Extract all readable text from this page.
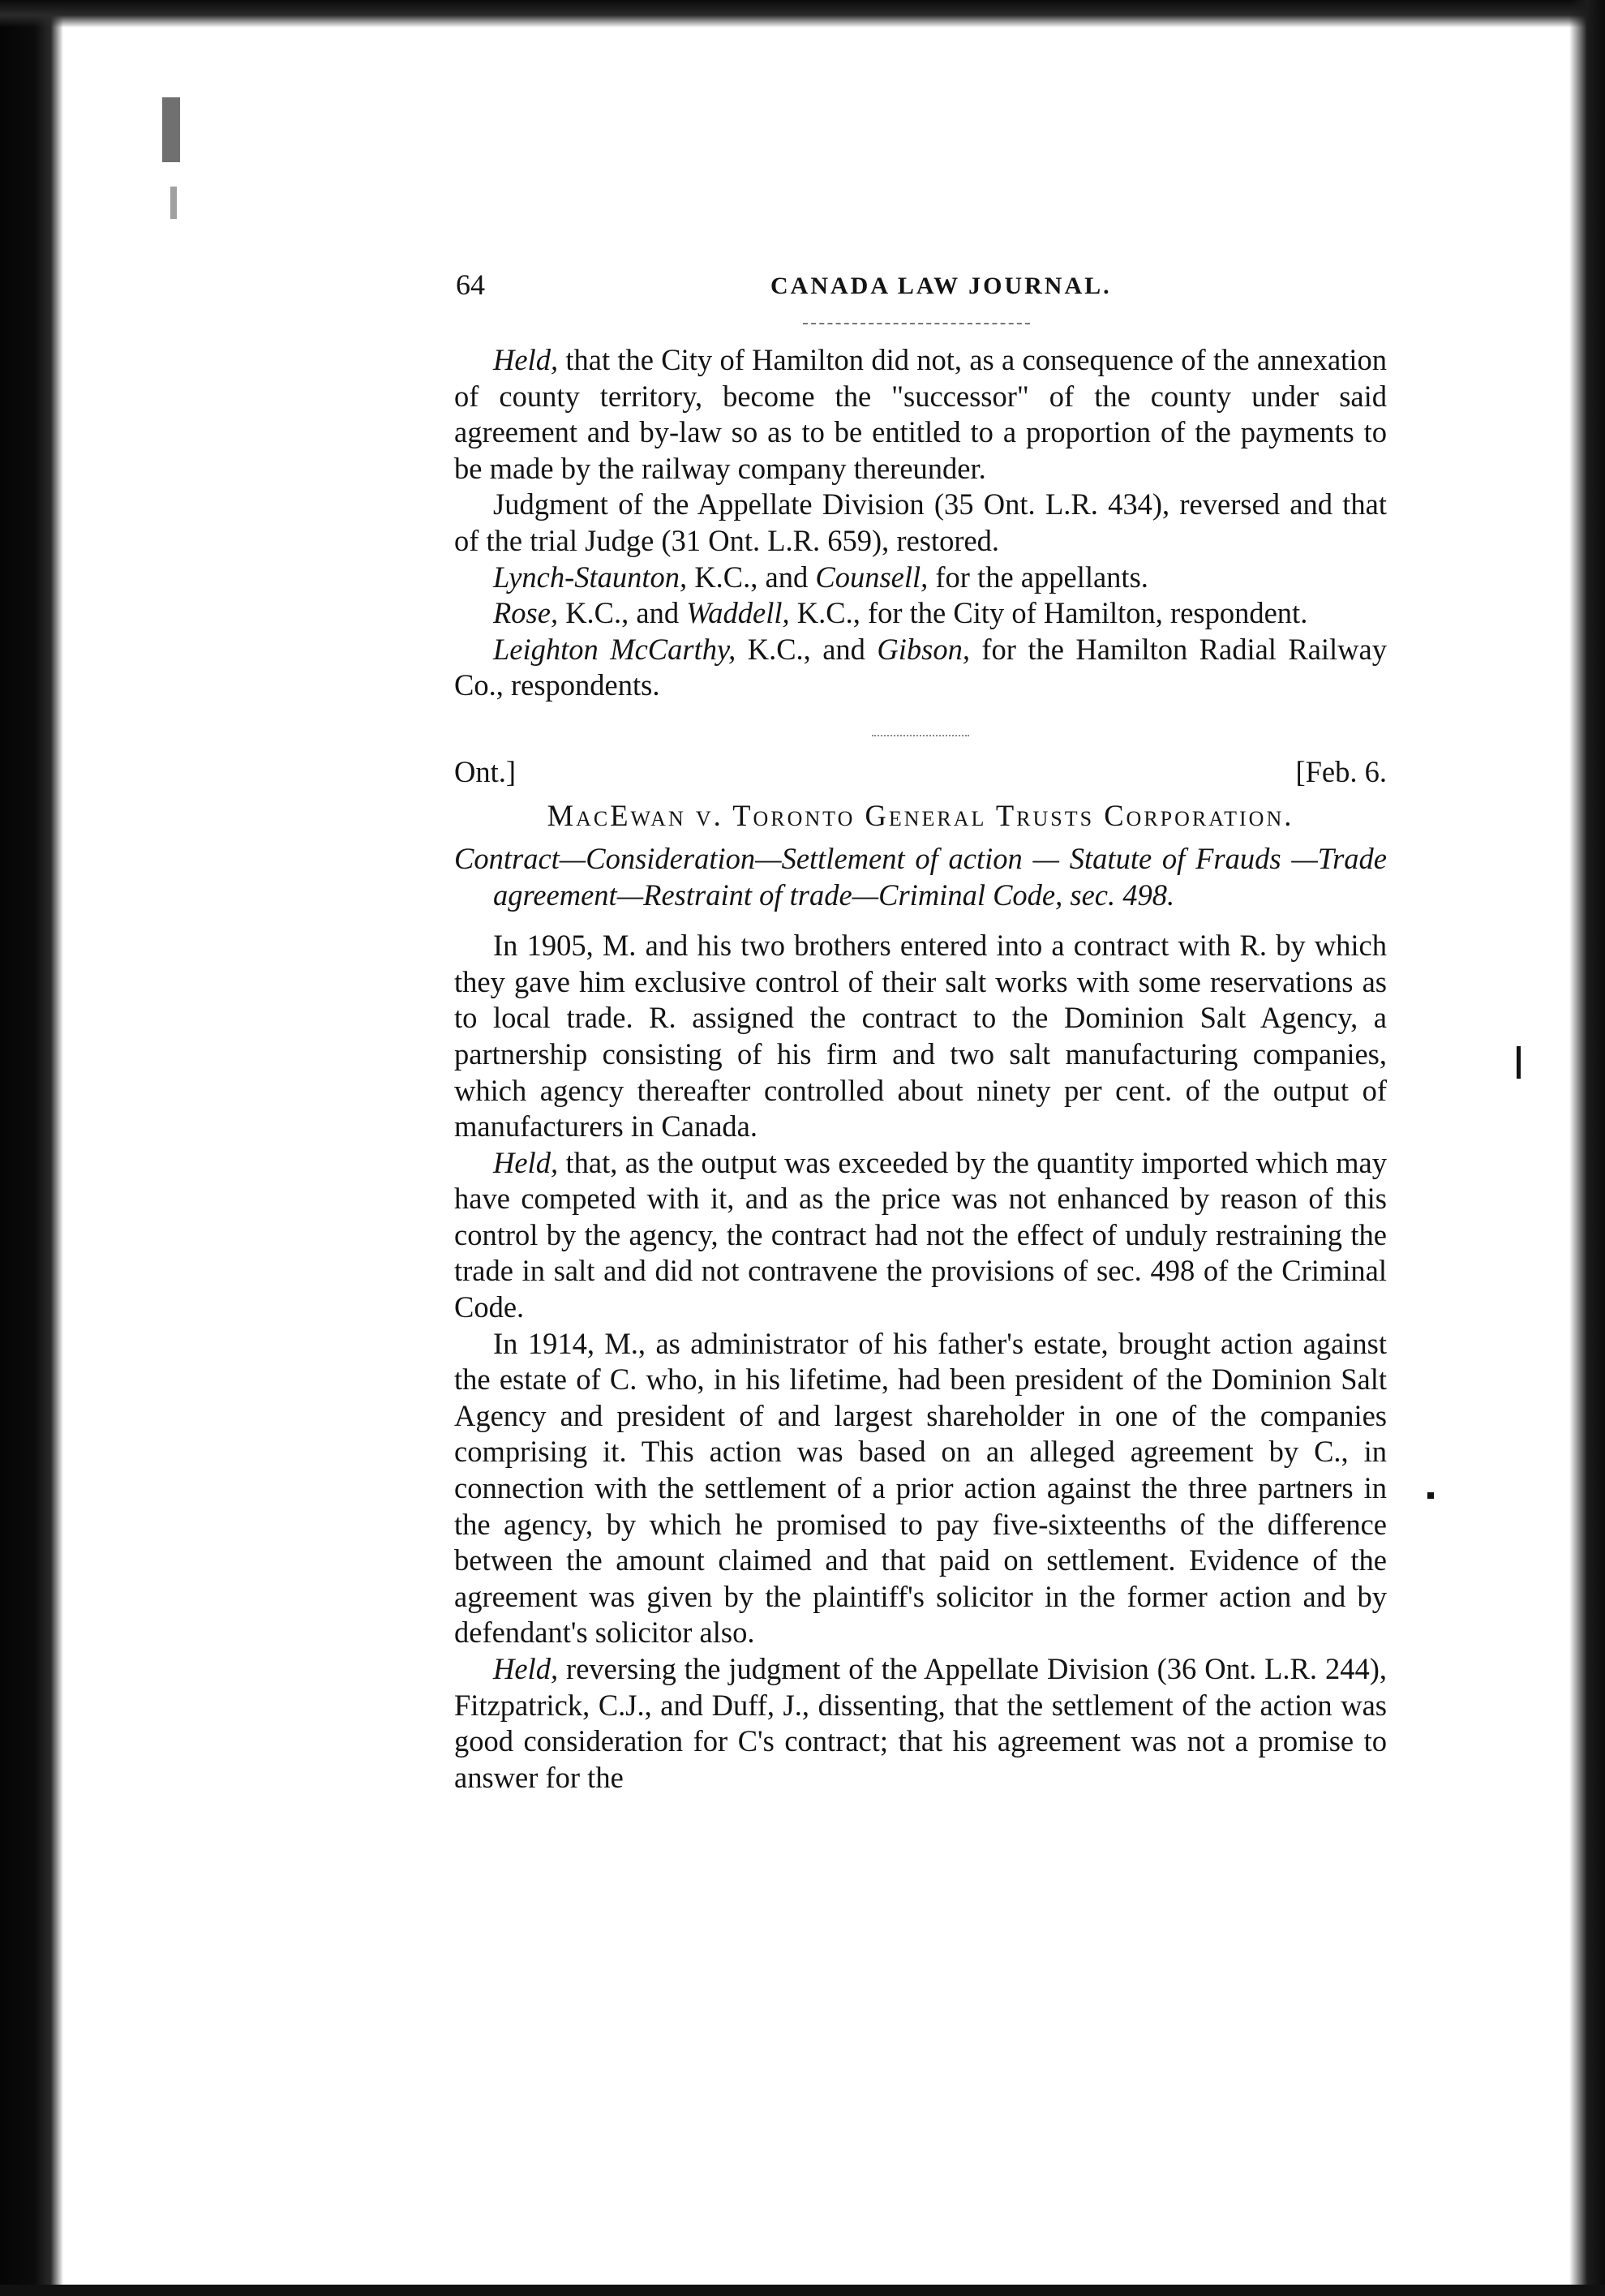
64	CANADA LAW JOURNAL.

Held, that the City of Hamilton did not, as a consequence of the annexation of county territory, become the "successor" of the county under said agreement and by-law so as to be entitled to a proportion of the payments to be made by the railway company thereunder.

Judgment of the Appellate Division (35 Ont. L.R. 434), reversed and that of the trial Judge (31 Ont. L.R. 659), restored.

Lynch-Staunton, K.C., and Counsell, for the appellants.

Rose, K.C., and Waddell, K.C., for the City of Hamilton, respondent.

Leighton McCarthy, K.C., and Gibson, for the Hamilton Radial Railway Co., respondents.

Ont.]	[Feb. 6.
MacEwan v. Toronto General Trusts Corporation.
Contract—Consideration—Settlement of action — Statute of Frauds —Trade agreement—Restraint of trade—Criminal Code, sec. 498.

In 1905, M. and his two brothers entered into a contract with R. by which they gave him exclusive control of their salt works with some reservations as to local trade. R. assigned the contract to the Dominion Salt Agency, a partnership consisting of his firm and two salt manufacturing companies, which agency thereafter controlled about ninety per cent. of the output of manufacturers in Canada.

Held, that, as the output was exceeded by the quantity imported which may have competed with it, and as the price was not enhanced by reason of this control by the agency, the contract had not the effect of unduly restraining the trade in salt and did not contravene the provisions of sec. 498 of the Criminal Code.

In 1914, M., as administrator of his father's estate, brought action against the estate of C. who, in his lifetime, had been president of the Dominion Salt Agency and president of and largest shareholder in one of the companies comprising it. This action was based on an alleged agreement by C., in connection with the settlement of a prior action against the three partners in the agency, by which he promised to pay five-sixteenths of the difference between the amount claimed and that paid on settlement. Evidence of the agreement was given by the plaintiff's solicitor in the former action and by defendant's solicitor also.

Held, reversing the judgment of the Appellate Division (36 Ont. L.R. 244), Fitzpatrick, C.J., and Duff, J., dissenting, that the settlement of the action was good consideration for C's contract; that his agreement was not a promise to answer for the
